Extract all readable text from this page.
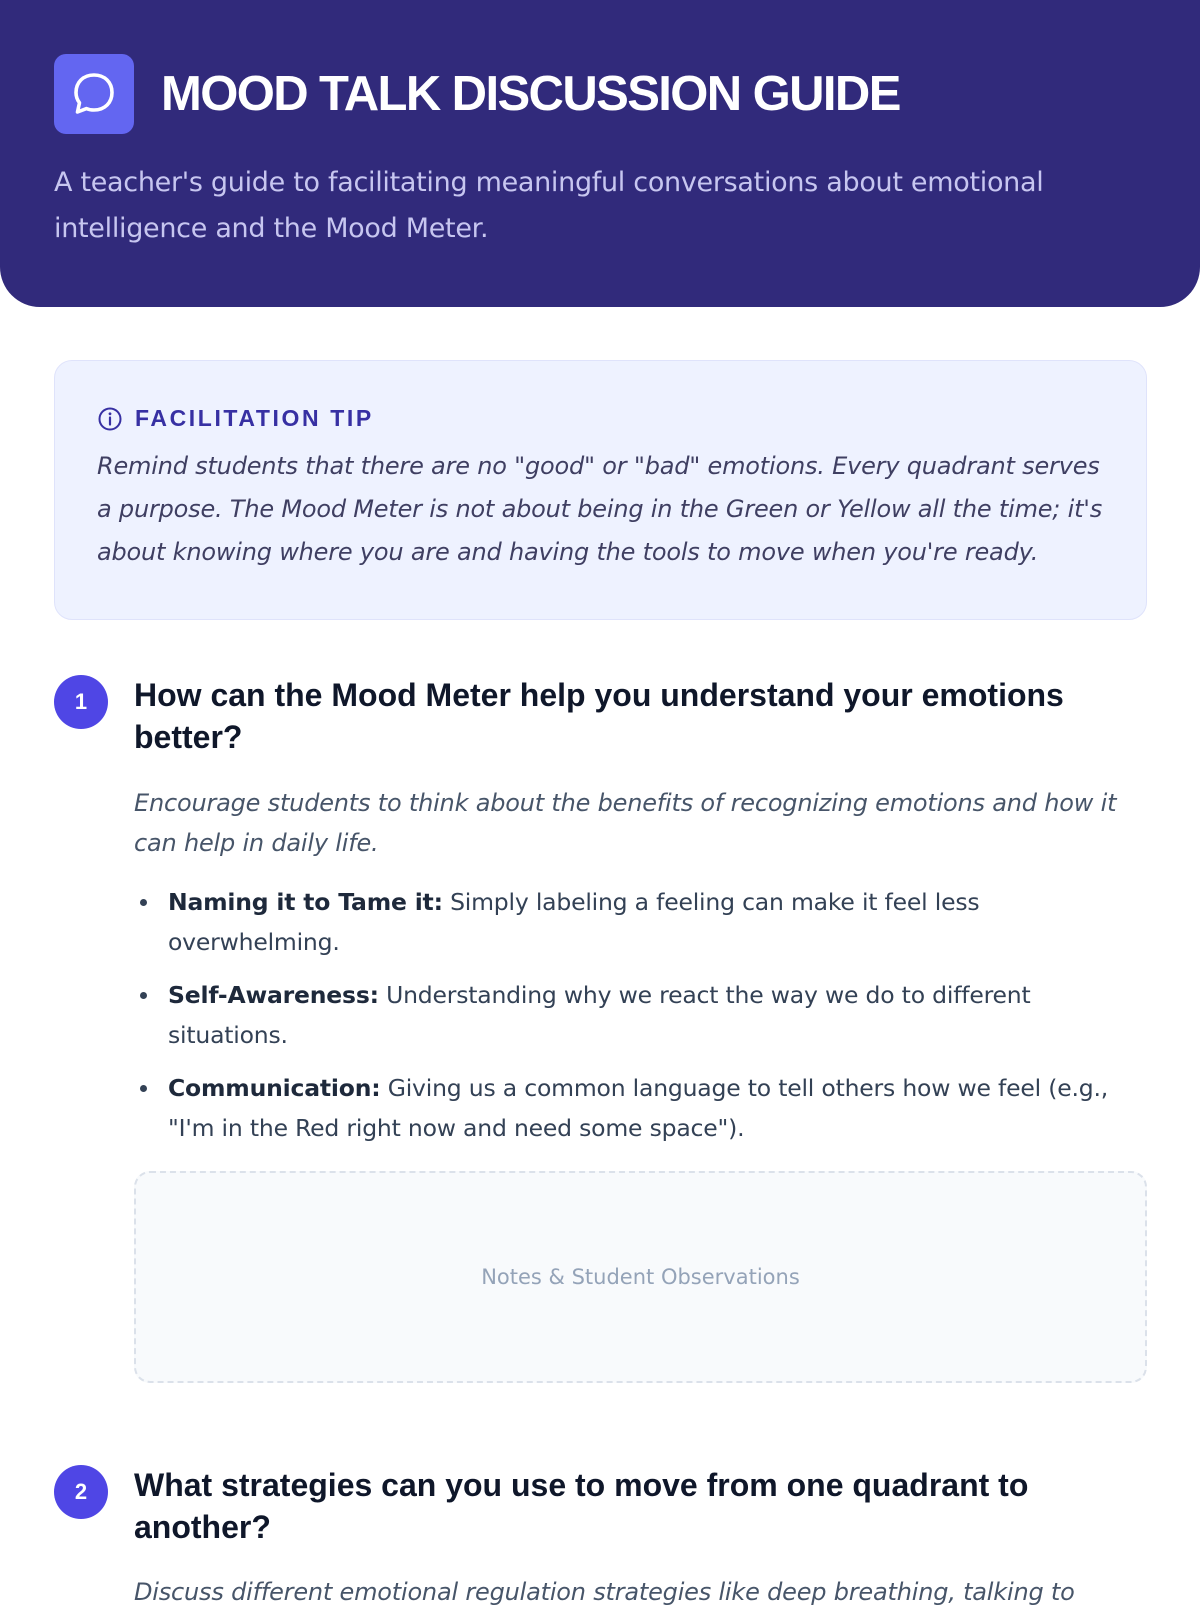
MOOD TALK DISCUSSION GUIDE

A teacher's guide to facilitating meaningful conversations about emotional intelligence and the Mood Meter.

FACILITATION TIP

Remind students that there are no "good" or "bad" emotions. Every quadrant serves a purpose. The Mood Meter is not about being in the Green or Yellow all the time; it's about knowing where you are and having the tools to move when you're ready.

1	How can the Mood Meter help you understand your emotions better?

Encourage students to think about the benefits of recognizing emotions and how it can help in daily life.

Naming it to Tame it: Simply labeling a feeling can make it feel less overwhelming.
Self-Awareness: Understanding why we react the way we do to different situations.
Communication: Giving us a common language to tell others how we feel (e.g., "I'm in the Red right now and need some space").
Notes & Student Observations
2	What strategies can you use to move from one quadrant to another?

Discuss different emotional regulation strategies like deep breathing, talking to
